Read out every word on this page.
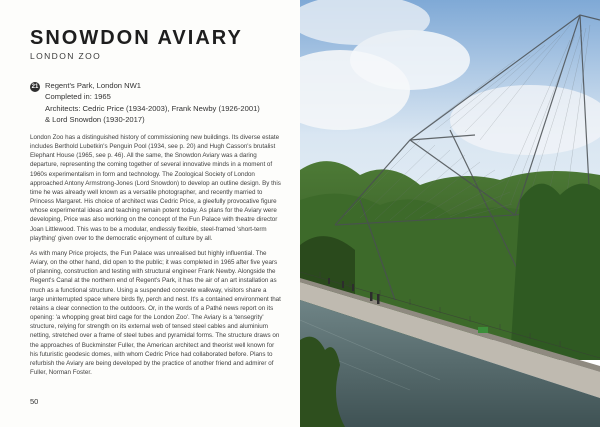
SNOWDON AVIARY
LONDON ZOO
21 Regent's Park, London NW1
Completed in: 1965
Architects: Cedric Price (1934-2003), Frank Newby (1926-2001)
& Lord Snowdon (1930-2017)

London Zoo has a distinguished history of commissioning new buildings. Its diverse estate includes Berthold Lubetkin's Penguin Pool (1934, see p. 20) and Hugh Casson's brutalist Elephant House (1965, see p. 46). All the same, the Snowdon Aviary was a daring departure, representing the coming together of several innovative minds in a moment of 1960s experimentalism in form and technology. The Zoological Society of London approached Antony Armstrong-Jones (Lord Snowdon) to develop an outline design. By this time he was already well known as a versatile photographer, and recently married to Princess Margaret. His choice of architect was Cedric Price, a gleefully provocative figure whose experimental ideas and teaching remain potent today. As plans for the Aviary were developing, Price was also working on the concept of the Fun Palace with theatre director Joan Littlewood. This was to be a modular, endlessly flexible, steel-framed 'short-term plaything' given over to the democratic enjoyment of culture by all.

As with many Price projects, the Fun Palace was unrealised but highly influential. The Aviary, on the other hand, did open to the public; it was completed in 1965 after five years of planning, construction and testing with structural engineer Frank Newby. Alongside the Regent's Canal at the northern end of Regent's Park, it has the air of an art installation as much as a functional structure. Using a suspended concrete walkway, visitors share a large uninterrupted space where birds fly, perch and nest. It's a contained environment that retains a clear connection to the outdoors. Or, in the words of a Pathé news report on its opening: 'a whopping great bird cage for the London Zoo'. The Aviary is a 'tensegrity' structure, relying for strength on its external web of tensed steel cables and aluminium netting, stretched over a frame of steel tubes and pyramidal forms. The structure draws on the approaches of Buckminster Fuller, the American architect and theorist well known for his futuristic geodesic domes, with whom Cedric Price had collaborated before. Plans to refurbish the Aviary are being developed by the practice of another friend and admirer of Fuller, Norman Foster.

50
